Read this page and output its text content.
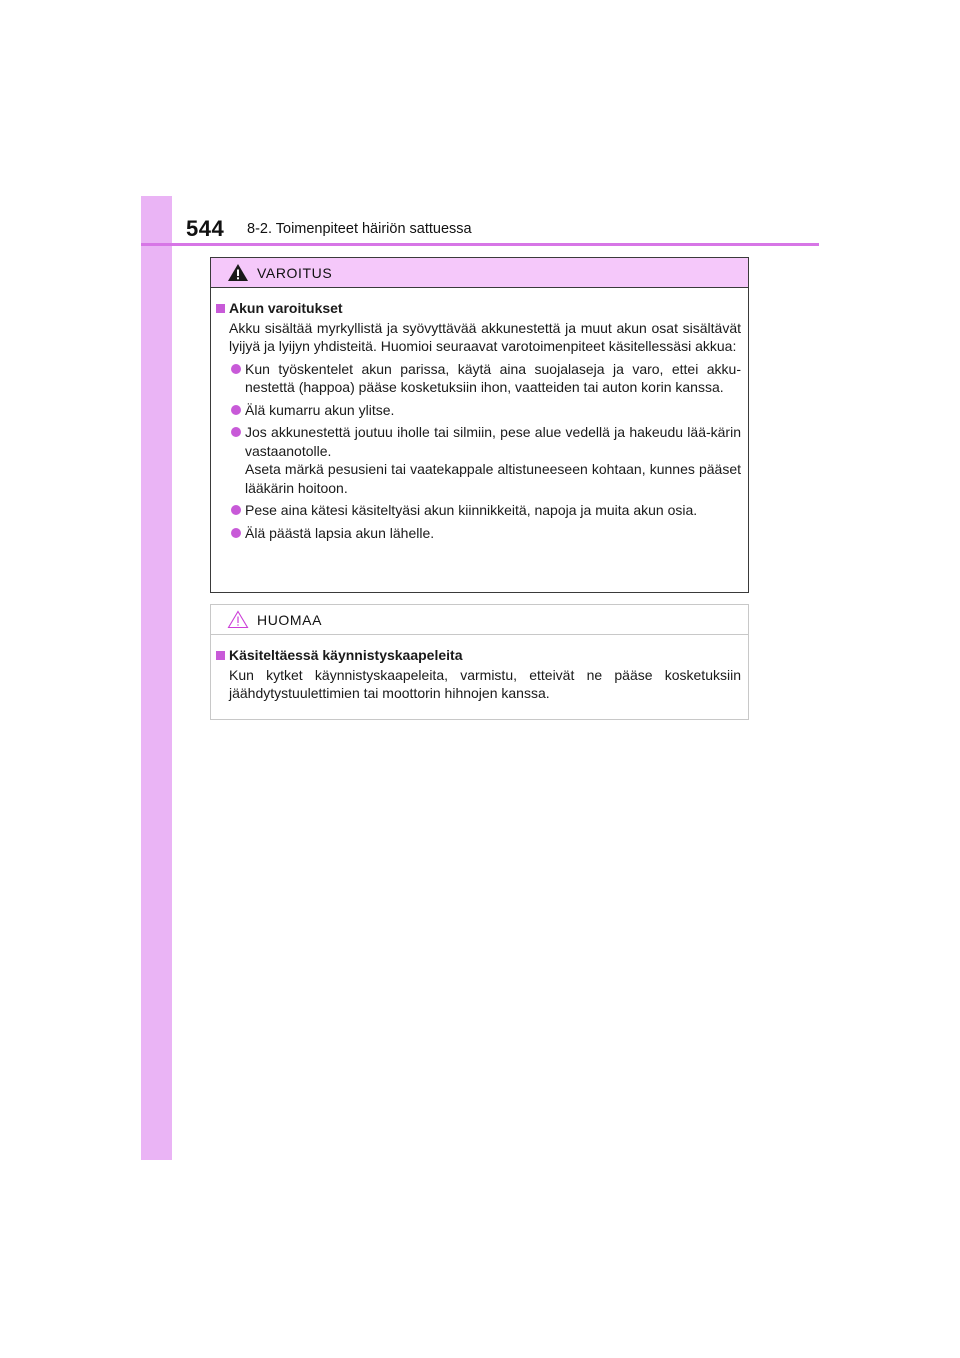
544 8-2. Toimenpiteet häiriön sattuessa
VAROITUS
Akun varoitukset
Akku sisältää myrkyllistä ja syövyttävää akkunestettä ja muut akun osat sisältävät lyijyä ja lyijyn yhdisteitä. Huomioi seuraavat varotoimenpiteet käsitellessäsi akkua:
Kun työskentelet akun parissa, käytä aina suojalaseja ja varo, ettei akku-nestettä (happoa) pääse kosketuksiin ihon, vaatteiden tai auton korin kanssa.
Älä kumarru akun ylitse.
Jos akkunestettä joutuu iholle tai silmiin, pese alue vedellä ja hakeudu lää-kärin vastaanotolle.
Aseta märkä pesusieni tai vaatekappale altistuneeseen kohtaan, kunnes pääset lääkärin hoitoon.
Pese aina kätesi käsiteltyäsi akun kiinnikkeitä, napoja ja muita akun osia.
Älä päästä lapsia akun lähelle.
HUOMAA
Käsiteltäessä käynnistyskaapeleita
Kun kytket käynnistyskaapeleita, varmistu, etteivät ne pääse kosketuksiin jäähdytystuulettimien tai moottorin hihnojen kanssa.
